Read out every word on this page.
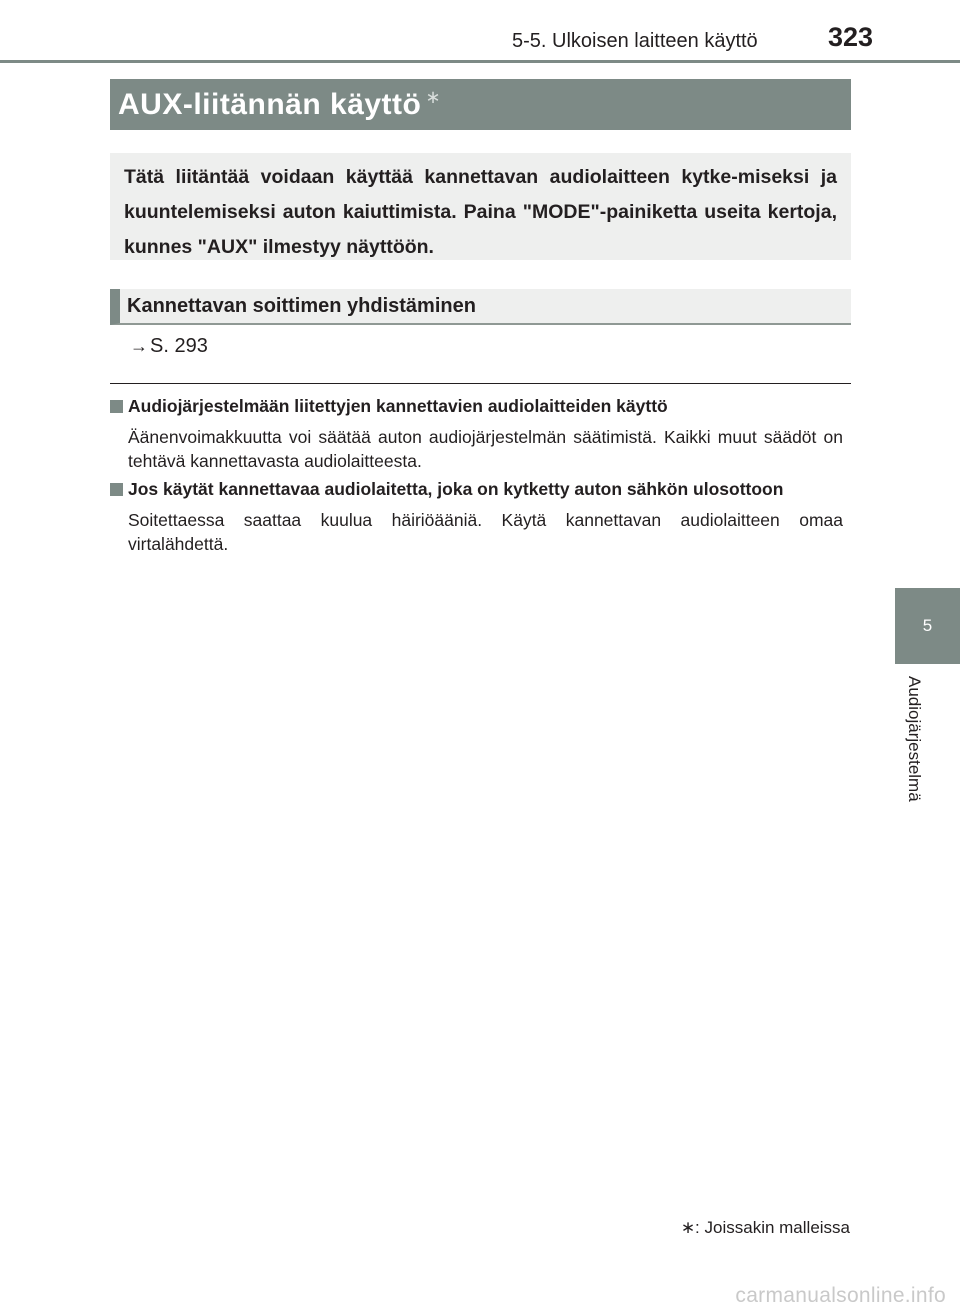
5-5. Ulkoisen laitteen käyttö	323
5
Audiojärjestelmä
AUX-liitännän käyttö ∗

Tätä liitäntää voidaan käyttää kannettavan audiolaitteen kytke-miseksi ja kuuntelemiseksi auton kaiuttimista. Paina "MODE"-painiketta useita kertoja, kunnes "AUX" ilmestyy näyttöön.

Kannettavan soittimen yhdistäminen
→ S. 293
Audiojärjestelmään liitettyjen kannettavien audiolaitteiden käyttö
Äänenvoimakkuutta voi säätää auton audiojärjestelmän säätimistä. Kaikki muut säädöt on tehtävä kannettavasta audiolaitteesta.
Jos käytät kannettavaa audiolaitetta, joka on kytketty auton sähkön ulosottoon
Soitettaessa saattaa kuulua häiriöääniä. Käytä kannettavan audiolaitteen omaa virtalähdettä.
∗: Joissakin malleissa
carmanualsonline.info
